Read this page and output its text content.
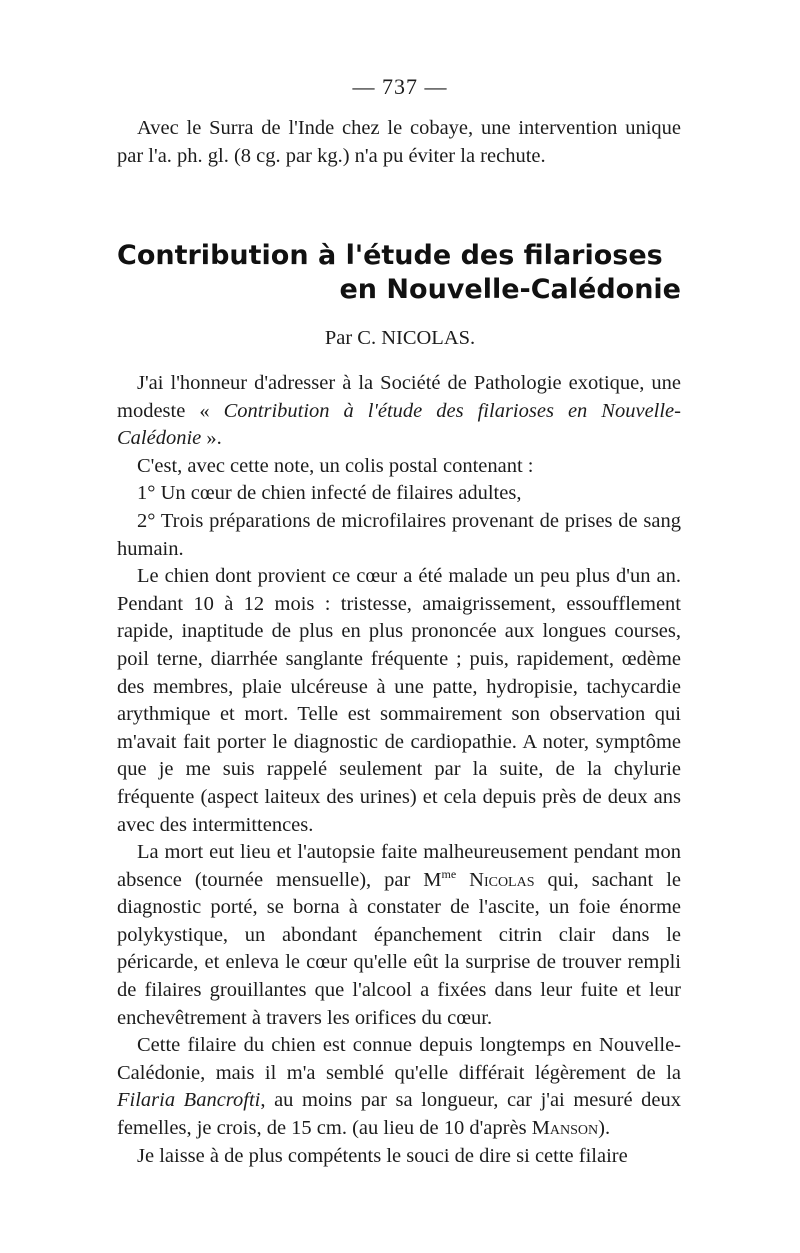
— 737 —

Avec le Surra de l'Inde chez le cobaye, une intervention unique par l'a. ph. gl. (8 cg. par kg.) n'a pu éviter la rechute.

Contribution à l'étude des filarioses
en Nouvelle-Calédonie
Par C. NICOLAS.

J'ai l'honneur d'adresser à la Société de Pathologie exotique, une modeste « Contribution à l'étude des filarioses en Nouvelle-Calédonie ».

C'est, avec cette note, un colis postal contenant :

1° Un cœur de chien infecté de filaires adultes,

2° Trois préparations de microfilaires provenant de prises de sang humain.

Le chien dont provient ce cœur a été malade un peu plus d'un an. Pendant 10 à 12 mois : tristesse, amaigrissement, essoufflement rapide, inaptitude de plus en plus prononcée aux longues courses, poil terne, diarrhée sanglante fréquente ; puis, rapidement, œdème des membres, plaie ulcéreuse à une patte, hydropisie, tachycardie arythmique et mort. Telle est sommairement son observation qui m'avait fait porter le diagnostic de cardiopathie. A noter, symptôme que je me suis rappelé seulement par la suite, de la chylurie fréquente (aspect laiteux des urines) et cela depuis près de deux ans avec des intermittences.

La mort eut lieu et l'autopsie faite malheureusement pendant mon absence (tournée mensuelle), par $M^{me}$ Nicolas qui, sachant le diagnostic porté, se borna à constater de l'ascite, un foie énorme polykystique, un abondant épanchement citrin clair dans le péricarde, et enleva le cœur qu'elle eût la surprise de trouver rempli de filaires grouillantes que l'alcool a fixées dans leur fuite et leur enchevêtrement à travers les orifices du cœur.

Cette filaire du chien est connue depuis longtemps en Nouvelle-Calédonie, mais il m'a semblé qu'elle différait légèrement de la Filaria Bancrofti, au moins par sa longueur, car j'ai mesuré deux femelles, je crois, de 15 cm. (au lieu de 10 d'après Manson).

Je laisse à de plus compétents le souci de dire si cette filaire
